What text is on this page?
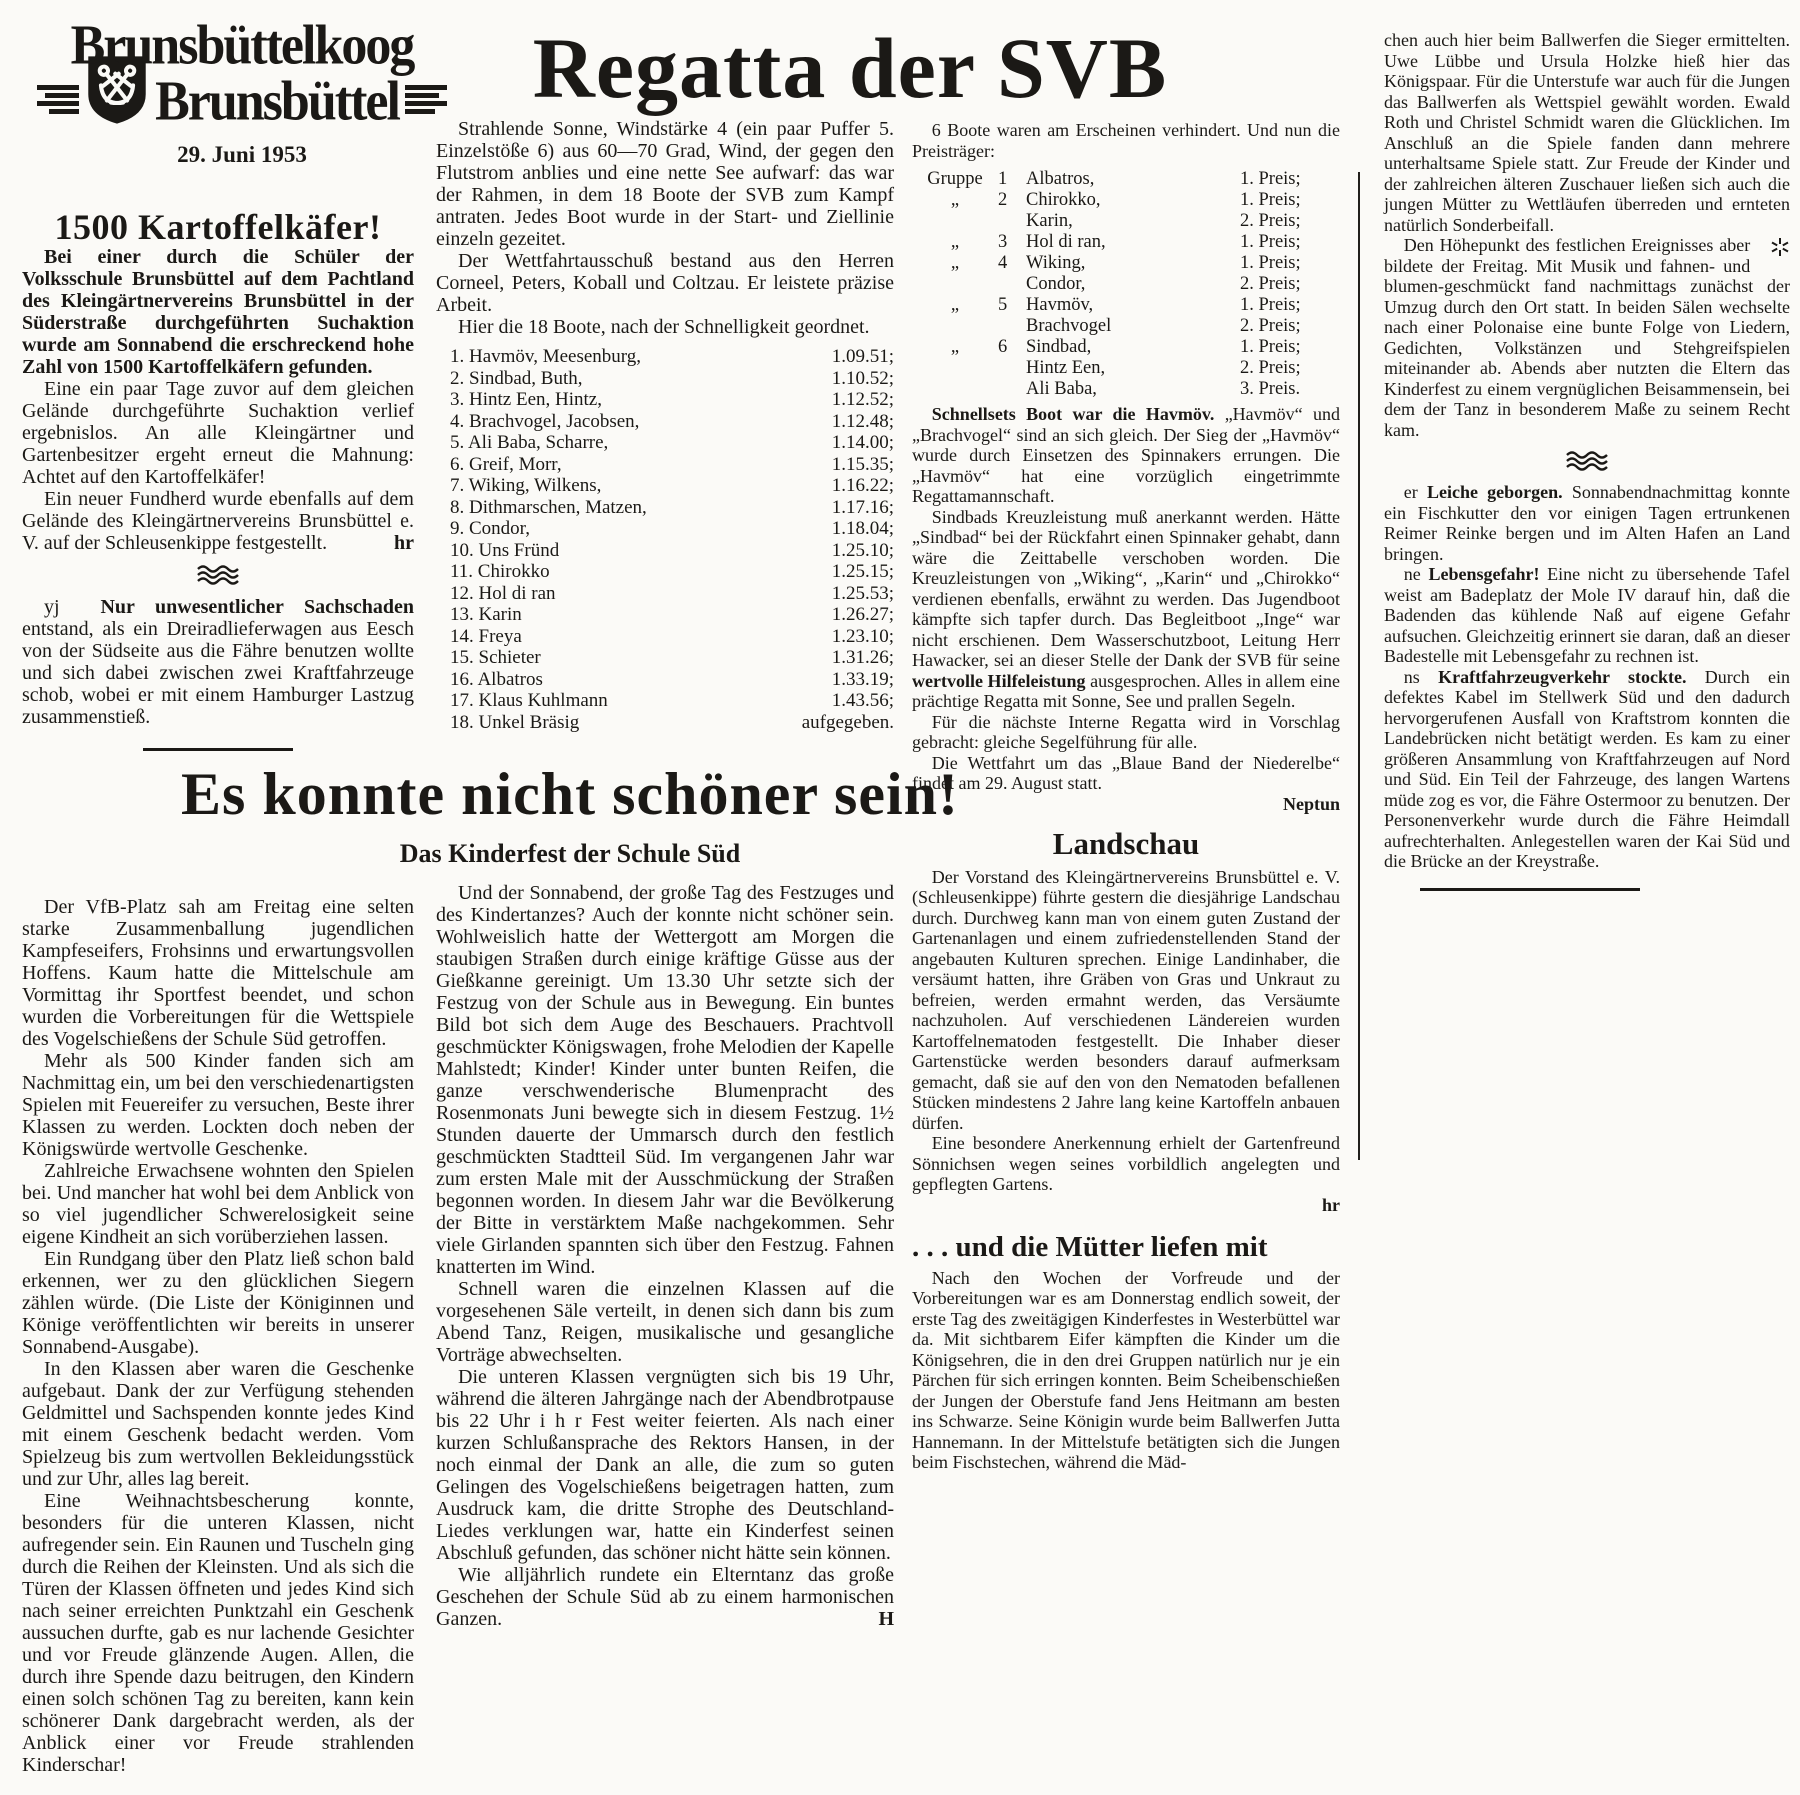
Brunsbüttelkoog
Brunsbüttel
29. Juni 1953
1500 Kartoffelkäfer!

Bei einer durch die Schüler der Volksschule Brunsbüttel auf dem Pachtland des Kleingärtnervereins Brunsbüttel in der Süderstraße durchgeführten Suchaktion wurde am Sonnabend die erschreckend hohe Zahl von 1500 Kartoffelkäfern gefunden.

Eine ein paar Tage zuvor auf dem gleichen Gelände durchgeführte Suchaktion verlief ergebnislos. An alle Kleingärtner und Gartenbesitzer ergeht erneut die Mahnung: Achtet auf den Kartoffelkäfer!

Ein neuer Fundherd wurde ebenfalls auf dem Gelände des Kleingärtnervereins Brunsbüttel e. V. auf der Schleusenkippe festgestellt.	hr

yj Nur unwesentlicher Sachschaden entstand, als ein Dreiradlieferwagen aus Eesch von der Südseite aus die Fähre benutzen wollte und sich dabei zwischen zwei Kraftfahrzeuge schob, wobei er mit einem Hamburger Lastzug zusammenstieß.

Regatta der SVB

Strahlende Sonne, Windstärke 4 (ein paar Puffer 5. Einzelstöße 6) aus 60—70 Grad, Wind, der gegen den Flutstrom anblies und eine nette See aufwarf: das war der Rahmen, in dem 18 Boote der SVB zum Kampf antraten. Jedes Boot wurde in der Start- und Ziellinie einzeln gezeitet.

Der Wettfahrtausschuß bestand aus den Herren Corneel, Peters, Koball und Coltzau. Er leistete präzise Arbeit.

Hier die 18 Boote, nach der Schnelligkeit geordnet.

1. Havmöv, Meesenburg,	1.09.51;
2. Sindbad, Buth,	1.10.52;
3. Hintz Een, Hintz,	1.12.52;
4. Brachvogel, Jacobsen,	1.12.48;
5. Ali Baba, Scharre,	1.14.00;
6. Greif, Morr,	1.15.35;
7. Wiking, Wilkens,	1.16.22;
8. Dithmarschen, Matzen,	1.17.16;
9. Condor,	1.18.04;
10. Uns Fründ	1.25.10;
11. Chirokko	1.25.15;
12. Hol di ran	1.25.53;
13. Karin	1.26.27;
14. Freya	1.23.10;
15. Schieter	1.31.26;
16. Albatros	1.33.19;
17. Klaus Kuhlmann	1.43.56;
18. Unkel Bräsig	aufgegeben.
Es konnte nicht schöner sein!
Das Kinderfest der Schule Süd

Der VfB-Platz sah am Freitag eine selten starke Zusammenballung jugendlichen Kampfeseifers, Frohsinns und erwartungsvollen Hoffens. Kaum hatte die Mittelschule am Vormittag ihr Sportfest beendet, und schon wurden die Vorbereitungen für die Wettspiele des Vogelschießens der Schule Süd getroffen.

Mehr als 500 Kinder fanden sich am Nachmittag ein, um bei den verschiedenartigsten Spielen mit Feuereifer zu versuchen, Beste ihrer Klassen zu werden. Lockten doch neben der Königswürde wertvolle Geschenke.

Zahlreiche Erwachsene wohnten den Spielen bei. Und mancher hat wohl bei dem Anblick von so viel jugendlicher Schwerelosigkeit seine eigene Kindheit an sich vorüberziehen lassen.

Ein Rundgang über den Platz ließ schon bald erkennen, wer zu den glücklichen Siegern zählen würde. (Die Liste der Königinnen und Könige veröffentlichten wir bereits in unserer Sonnabend-Ausgabe).

In den Klassen aber waren die Geschenke aufgebaut. Dank der zur Verfügung stehenden Geldmittel und Sachspenden konnte jedes Kind mit einem Geschenk bedacht werden. Vom Spielzeug bis zum wertvollen Bekleidungsstück und zur Uhr, alles lag bereit.

Eine Weihnachtsbescherung konnte, besonders für die unteren Klassen, nicht aufregender sein. Ein Raunen und Tuscheln ging durch die Reihen der Kleinsten. Und als sich die Türen der Klassen öffneten und jedes Kind sich nach seiner erreichten Punktzahl ein Geschenk aussuchen durfte, gab es nur lachende Gesichter und vor Freude glänzende Augen. Allen, die durch ihre Spende dazu beitrugen, den Kindern einen solch schönen Tag zu bereiten, kann kein schönerer Dank dargebracht werden, als der Anblick einer vor Freude strahlenden Kinderschar!

Und der Sonnabend, der große Tag des Festzuges und des Kindertanzes? Auch der konnte nicht schöner sein. Wohlweislich hatte der Wettergott am Morgen die staubigen Straßen durch einige kräftige Güsse aus der Gießkanne gereinigt. Um 13.30 Uhr setzte sich der Festzug von der Schule aus in Bewegung. Ein buntes Bild bot sich dem Auge des Beschauers. Prachtvoll geschmückter Königswagen, frohe Melodien der Kapelle Mahlstedt; Kinder! Kinder unter bunten Reifen, die ganze verschwenderische Blumenpracht des Rosenmonats Juni bewegte sich in diesem Festzug. 1½ Stunden dauerte der Ummarsch durch den festlich geschmückten Stadtteil Süd. Im vergangenen Jahr war zum ersten Male mit der Ausschmückung der Straßen begonnen worden. In diesem Jahr war die Bevölkerung der Bitte in verstärktem Maße nachgekommen. Sehr viele Girlanden spannten sich über den Festzug. Fahnen knatterten im Wind.

Schnell waren die einzelnen Klassen auf die vorgesehenen Säle verteilt, in denen sich dann bis zum Abend Tanz, Reigen, musikalische und gesangliche Vorträge abwechselten.

Die unteren Klassen vergnügten sich bis 19 Uhr, während die älteren Jahrgänge nach der Abendbrotpause bis 22 Uhr i h r Fest weiter feierten. Als nach einer kurzen Schlußansprache des Rektors Hansen, in der noch einmal der Dank an alle, die zum so guten Gelingen des Vogelschießens beigetragen hatten, zum Ausdruck kam, die dritte Strophe des Deutschland-Liedes verklungen war, hatte ein Kinderfest seinen Abschluß gefunden, das schöner nicht hätte sein können.

Wie alljährlich rundete ein Elterntanz das große Geschehen der Schule Süd ab zu einem harmonischen Ganzen.	H

6 Boote waren am Erscheinen verhindert. Und nun die Preisträger:

Gruppe 1	Albatros,	1. Preis;
„	2	Chirokko,	1. Preis;
Karin,	2. Preis;
„	3	Hol di ran,	1. Preis;
„	4	Wiking,	1. Preis;
Condor,	2. Preis;
„	5	Havmöv,	1. Preis;
Brachvogel	2. Preis;
„	6	Sindbad,	1. Preis;
Hintz Een,	2. Preis;
Ali Baba,	3. Preis.

Schnellsets Boot war die Havmöv. „Havmöv“ und „Brachvogel“ sind an sich gleich. Der Sieg der „Havmöv“ wurde durch Einsetzen des Spinnakers errungen. Die „Havmöv“ hat eine vorzüglich eingetrimmte Regattamannschaft.

Sindbads Kreuzleistung muß anerkannt werden. Hätte „Sindbad“ bei der Rückfahrt einen Spinnaker gehabt, dann wäre die Zeittabelle verschoben worden. Die Kreuzleistungen von „Wiking“, „Karin“ und „Chirokko“ verdienen ebenfalls, erwähnt zu werden. Das Jugendboot kämpfte sich tapfer durch. Das Begleitboot „Inge“ war nicht erschienen. Dem Wasserschutzboot, Leitung Herr Hawacker, sei an dieser Stelle der Dank der SVB für seine wertvolle Hilfeleistung ausgesprochen. Alles in allem eine prächtige Regatta mit Sonne, See und prallen Segeln.

Für die nächste Interne Regatta wird in Vorschlag gebracht: gleiche Segelführung für alle.

Die Wettfahrt um das „Blaue Band der Niederelbe“ findet am 29. August statt.

Neptun
Landschau

Der Vorstand des Kleingärtnervereins Brunsbüttel e. V. (Schleusenkippe) führte gestern die diesjährige Landschau durch. Durchweg kann man von einem guten Zustand der Gartenanlagen und einem zufriedenstellenden Stand der angebauten Kulturen sprechen. Einige Landinhaber, die versäumt hatten, ihre Gräben von Gras und Unkraut zu befreien, werden ermahnt werden, das Versäumte nachzuholen. Auf verschiedenen Ländereien wurden Kartoffelnematoden festgestellt. Die Inhaber dieser Gartenstücke werden besonders darauf aufmerksam gemacht, daß sie auf den von den Nematoden befallenen Stücken mindestens 2 Jahre lang keine Kartoffeln anbauen dürfen.

Eine besondere Anerkennung erhielt der Gartenfreund Sönnichsen wegen seines vorbildlich angelegten und gepflegten Gartens.

hr
. . . und die Mütter liefen mit

Nach den Wochen der Vorfreude und der Vorbereitungen war es am Donnerstag endlich soweit, der erste Tag des zweitägigen Kinderfestes in Westerbüttel war da. Mit sichtbarem Eifer kämpften die Kinder um die Königsehren, die in den drei Gruppen natürlich nur je ein Pärchen für sich erringen konnten. Beim Scheibenschießen der Jungen der Oberstufe fand Jens Heitmann am besten ins Schwarze. Seine Königin wurde beim Ballwerfen Jutta Hannemann. In der Mittelstufe betätigten sich die Jungen beim Fischstechen, während die Mäd-

chen auch hier beim Ballwerfen die Sieger ermittelten. Uwe Lübbe und Ursula Holzke hieß hier das Königspaar. Für die Unterstufe war auch für die Jungen das Ballwerfen als Wettspiel gewählt worden. Ewald Roth und Christel Schmidt waren die Glücklichen. Im Anschluß an die Spiele fanden dann mehrere unterhaltsame Spiele statt. Zur Freude der Kinder und der zahlreichen älteren Zuschauer ließen sich auch die jungen Mütter zu Wettläufen überreden und ernteten natürlich Sonderbeifall.

Den Höhepunkt des festlichen Ereignisses aber bildete der Freitag. Mit Musik und fahnen- und blumen-geschmückt fand nachmittags zunächst der Umzug durch den Ort statt. In beiden Sälen wechselte nach einer Polonaise eine bunte Folge von Liedern, Gedichten, Volkstänzen und Stehgreifspielen miteinander ab. Abends aber nutzten die Eltern das Kinderfest zu einem vergnüglichen Beisammensein, bei dem der Tanz in besonderem Maße zu seinem Recht kam.

er Leiche geborgen. Sonnabendnachmittag konnte ein Fischkutter den vor einigen Tagen ertrunkenen Reimer Reinke bergen und im Alten Hafen an Land bringen.

ne Lebensgefahr! Eine nicht zu übersehende Tafel weist am Badeplatz der Mole IV darauf hin, daß die Badenden das kühlende Naß auf eigene Gefahr aufsuchen. Gleichzeitig erinnert sie daran, daß an dieser Badestelle mit Lebensgefahr zu rechnen ist.

ns Kraftfahrzeugverkehr stockte. Durch ein defektes Kabel im Stellwerk Süd und den dadurch hervorgerufenen Ausfall von Kraftstrom konnten die Landebrücken nicht betätigt werden. Es kam zu einer größeren Ansammlung von Kraftfahrzeugen auf Nord und Süd. Ein Teil der Fahrzeuge, des langen Wartens müde zog es vor, die Fähre Ostermoor zu benutzen. Der Personenverkehr wurde durch die Fähre Heimdall aufrechterhalten. Anlegestellen waren der Kai Süd und die Brücke an der Kreystraße.
